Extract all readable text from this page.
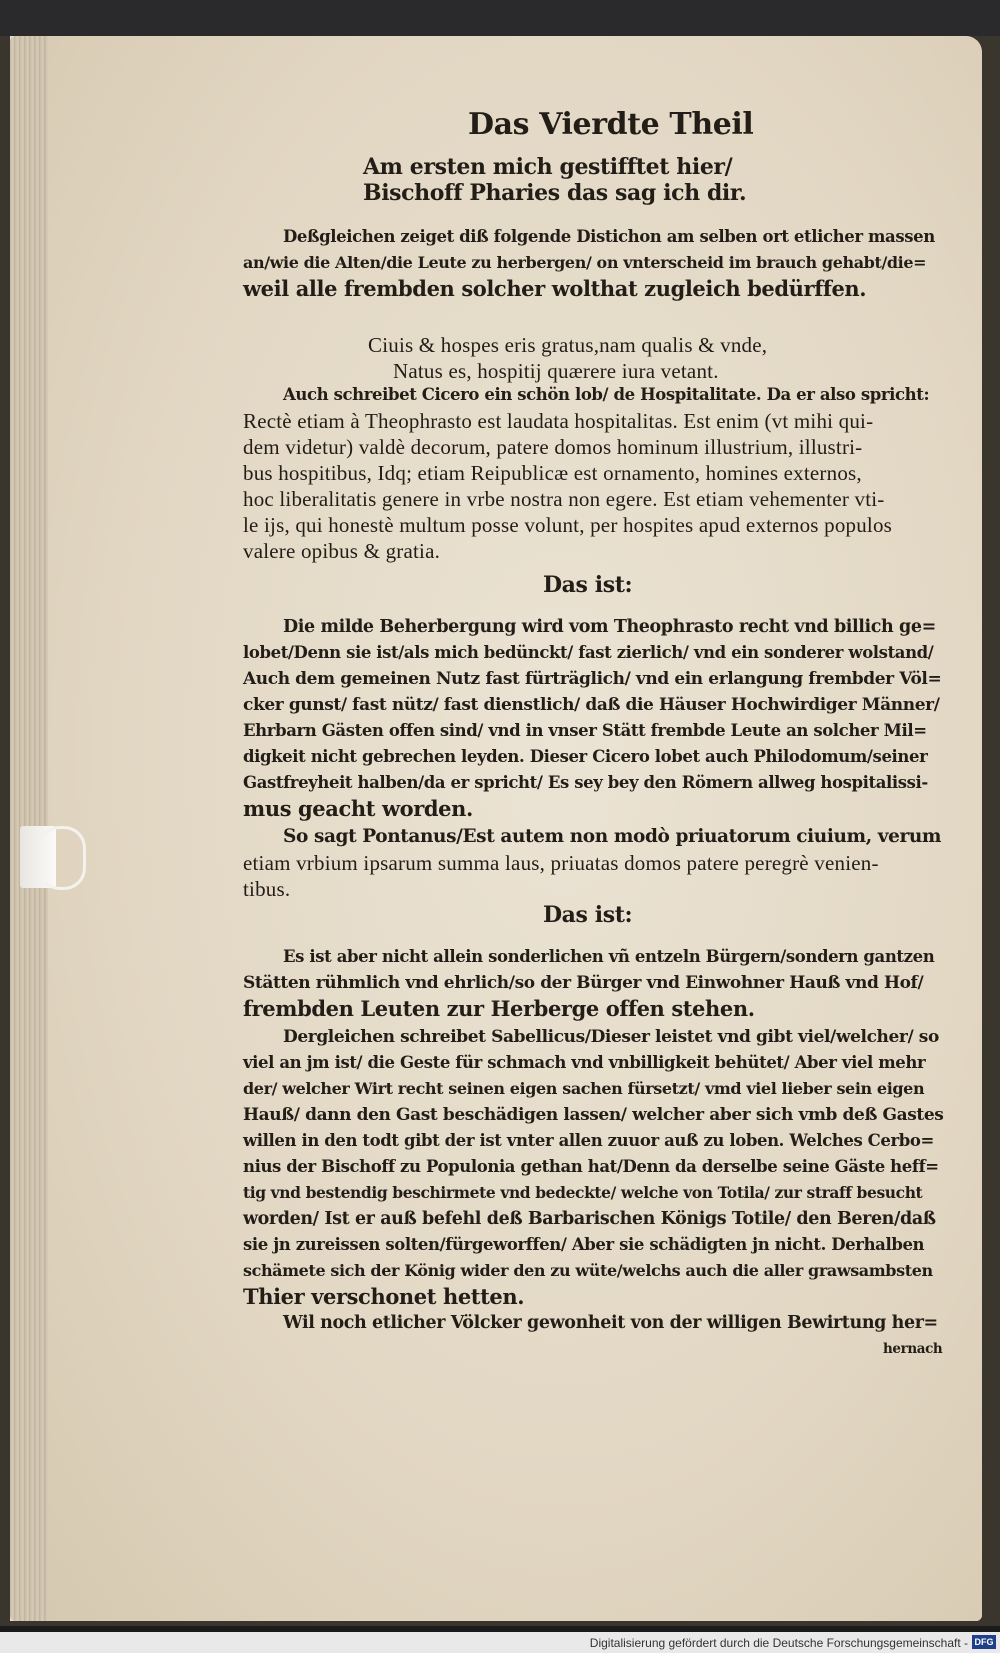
Das Vierdte Theil
Am ersten mich gestifftet hier/
Bischoff Pharies das sag ich dir.
Deßgleichen zeiget diß folgende Distichon am selben ort etlicher massen
an/wie die Alten/die Leute zu herbergen/ on vnterscheid im brauch gehabt/die=
weil alle frembden solcher wolthat zugleich bedürffen.
Ciuis & hospes eris gratus,nam qualis & vnde,
Natus es, hospitij quærere iura vetant.
Auch schreibet Cicero ein schön lob/ de Hospitalitate. Da er also spricht:
Rectè etiam à Theophrasto est laudata hospitalitas. Est enim (vt mihi qui-
dem videtur) valdè decorum, patere domos hominum illustrium, illustri-
bus hospitibus, Idq; etiam Reipublicæ est ornamento, homines externos,
hoc liberalitatis genere in vrbe nostra non egere. Est etiam vehementer vti-
le ijs, qui honestè multum posse volunt, per hospites apud externos populos
valere opibus & gratia.
Das ist:
Die milde Beherbergung wird vom Theophrasto recht vnd billich ge=
lobet/Denn sie ist/als mich bedünckt/ fast zierlich/ vnd ein sonderer wolstand/
Auch dem gemeinen Nutz fast fürträglich/ vnd ein erlangung frembder Völ=
cker gunst/ fast nütz/ fast dienstlich/ daß die Häuser Hochwirdiger Männer/
Ehrbarn Gästen offen sind/ vnd in vnser Stätt frembde Leute an solcher Mil=
digkeit nicht gebrechen leyden. Dieser Cicero lobet auch Philodomum/seiner
Gastfreyheit halben/da er spricht/ Es sey bey den Römern allweg hospitalissi-
mus geacht worden.
So sagt Pontanus/Est autem non modò priuatorum ciuium, verum
etiam vrbium ipsarum summa laus, priuatas domos patere peregrè venien-
tibus.
Das ist:
Es ist aber nicht allein sonderlichen vñ entzeln Bürgern/sondern gantzen
Stätten rühmlich vnd ehrlich/so der Bürger vnd Einwohner Hauß vnd Hof/
frembden Leuten zur Herberge offen stehen.
Dergleichen schreibet Sabellicus/Dieser leistet vnd gibt viel/welcher/ so
viel an jm ist/ die Geste für schmach vnd vnbilligkeit behütet/ Aber viel mehr
der/ welcher Wirt recht seinen eigen sachen fürsetzt/ vmd viel lieber sein eigen
Hauß/ dann den Gast beschädigen lassen/ welcher aber sich vmb deß Gastes
willen in den todt gibt der ist vnter allen zuuor auß zu loben. Welches Cerbo=
nius der Bischoff zu Populonia gethan hat/Denn da derselbe seine Gäste heff=
tig vnd bestendig beschirmete vnd bedeckte/ welche von Totila/ zur straff besucht
worden/ Ist er auß befehl deß Barbarischen Königs Totile/ den Beren/daß
sie jn zureissen solten/fürgeworffen/ Aber sie schädigten jn nicht. Derhalben
schämete sich der König wider den zu wüte/welchs auch die aller grawsambsten
Thier verschonet hetten.
Wil noch etlicher Völcker gewonheit von der willigen Bewirtung her=
hernach
Digitalisierung gefördert durch die Deutsche Forschungsgemeinschaft - DFG
